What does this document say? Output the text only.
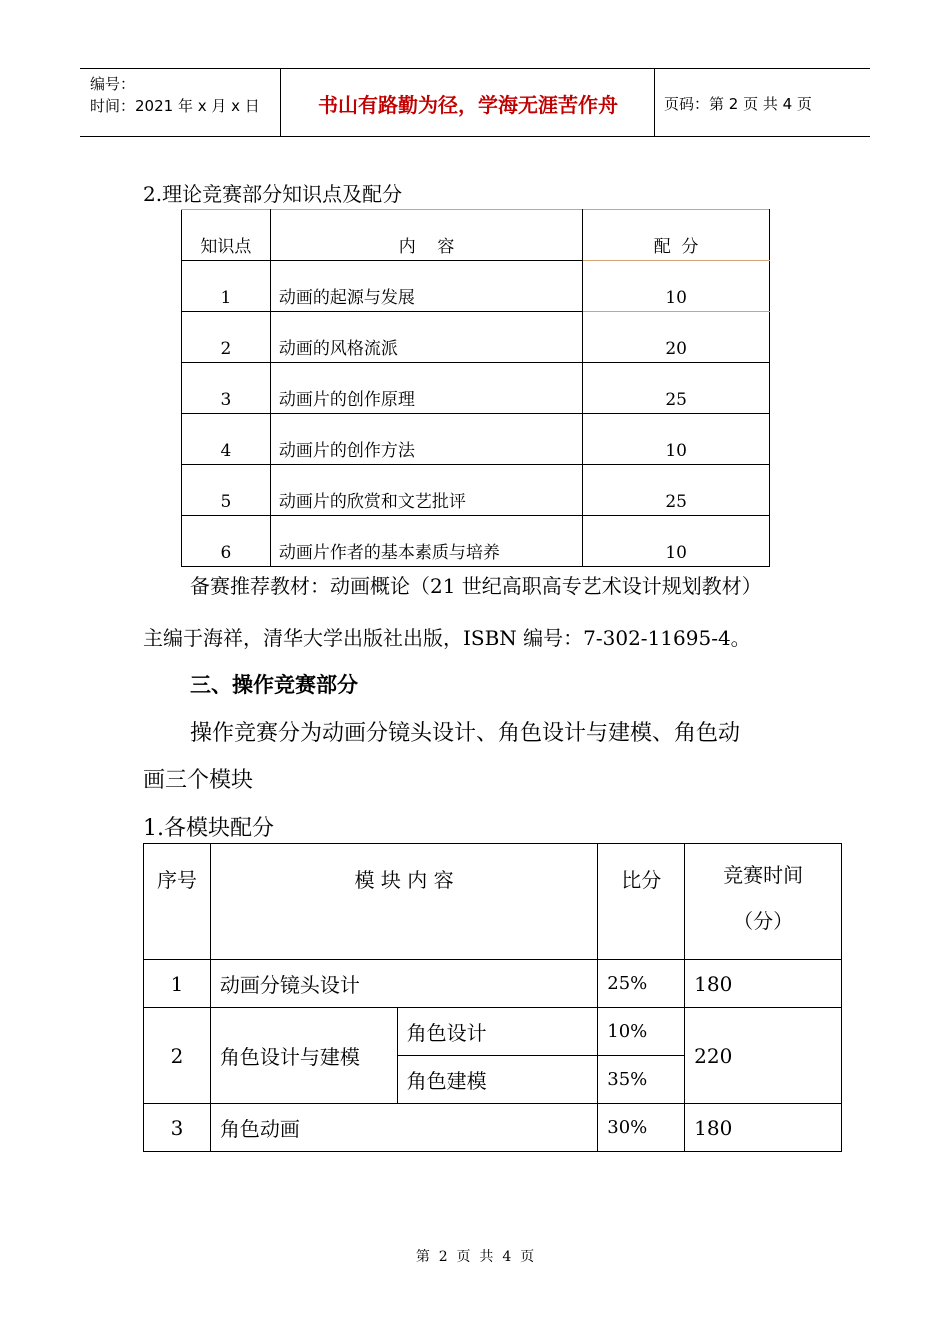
编号：
时间：2021 年 x 月 x 日	书山有路勤为径，学海无涯苦作舟	页码：第 2 页 共 4 页
2.理论竞赛部分知识点及配分
知识点	内    容	配  分
1	动画的起源与发展	10
2	动画的风格流派	20
3	动画片的创作原理	25
4	动画片的创作方法	10
5	动画片的欣赏和文艺批评	25
6	动画片作者的基本素质与培养	10
备赛推荐教材：动画概论（21 世纪高职高专艺术设计规划教材）
主编于海祥，清华大学出版社出版，ISBN 编号：7-302-11695-4。
三、操作竞赛部分
操作竞赛分为动画分镜头设计、角色设计与建模、角色动
画三个模块
1.各模块配分
序号	模 块 内 容		比分	竞赛时间
（分）

1	动画分镜头设计		25%	180
2	角色设计与建模	角色设计	10%	220
		角色建模	35%	
3	角色动画		30%	180
第  2  页  共  4  页
